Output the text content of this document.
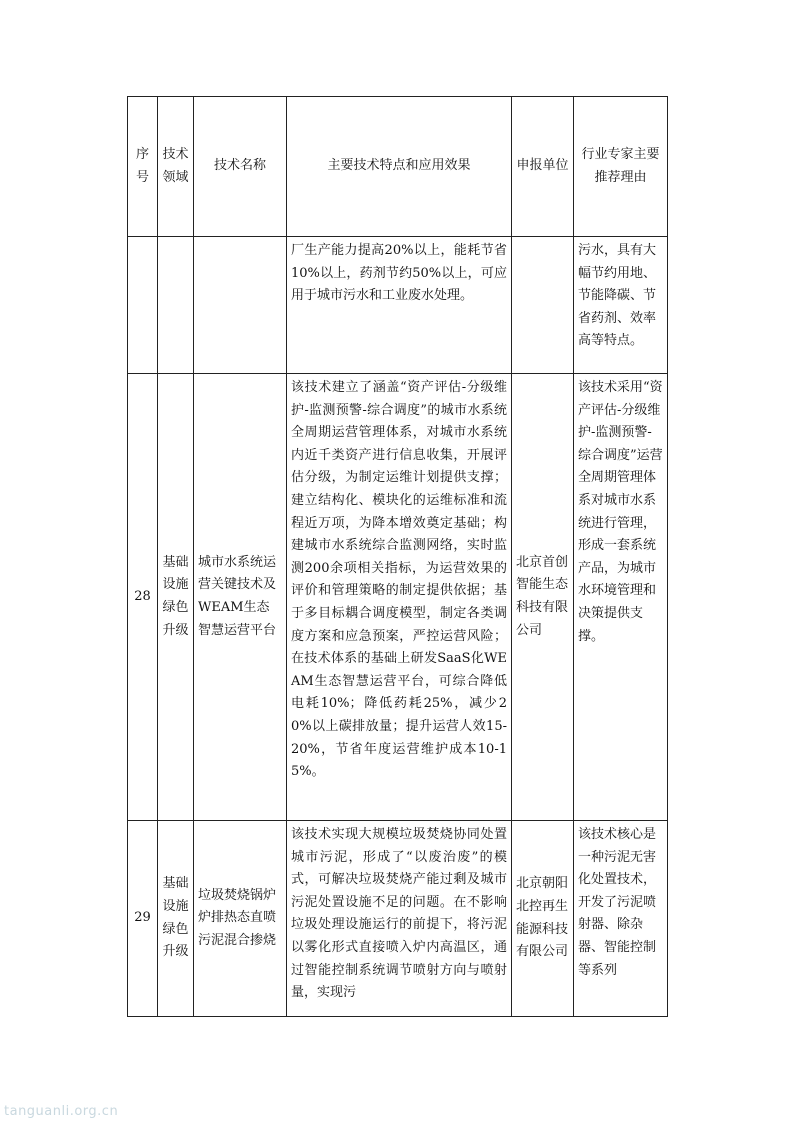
序号	技术领域	技术名称	主要技术特点和应用效果	申报单位	行业专家主要推荐理由
			厂生产能力提高20%以上，能耗节省10%以上，药剂节约50%以上，可应用于城市污水和工业废水处理。		污水，具有大幅节约用地、节能降碳、节省药剂、效率高等特点。
28	基础设施绿色升级	城市水系统运营关键技术及WEAM生态智慧运营平台	该技术建立了涵盖“资产评估-分级维护-监测预警-综合调度”的城市水系统全周期运营管理体系，对城市水系统内近千类资产进行信息收集，开展评估分级，为制定运维计划提供支撑；建立结构化、模块化的运维标准和流程近万项，为降本增效奠定基础；构建城市水系统综合监测网络，实时监测200余项相关指标，为运营效果的评价和管理策略的制定提供依据；基于多目标耦合调度模型，制定各类调度方案和应急预案，严控运营风险；在技术体系的基础上研发SaaS化WEAM生态智慧运营平台，可综合降低电耗10%；降低药耗25%，减少20%以上碳排放量；提升运营人效15-20%，节省年度运营维护成本10-15%。	北京首创智能生态科技有限公司	该技术采用“资产评估-分级维护-监测预警-综合调度”运营全周期管理体系对城市水系统进行管理，形成一套系统产品，为城市水环境管理和决策提供支撑。
29	基础设施绿色升级	垃圾焚烧锅炉炉排热态直喷污泥混合掺烧	该技术实现大规模垃圾焚烧协同处置城市污泥，形成了“以废治废”的模式，可解决垃圾焚烧产能过剩及城市污泥处置设施不足的问题。在不影响垃圾处理设施运行的前提下，将污泥以雾化形式直接喷入炉内高温区，通过智能控制系统调节喷射方向与喷射量，实现污	北京朝阳北控再生能源科技有限公司	该技术核心是一种污泥无害化处置技术，开发了污泥喷射器、除杂器、智能控制等系列
tanguanli.org.cn
